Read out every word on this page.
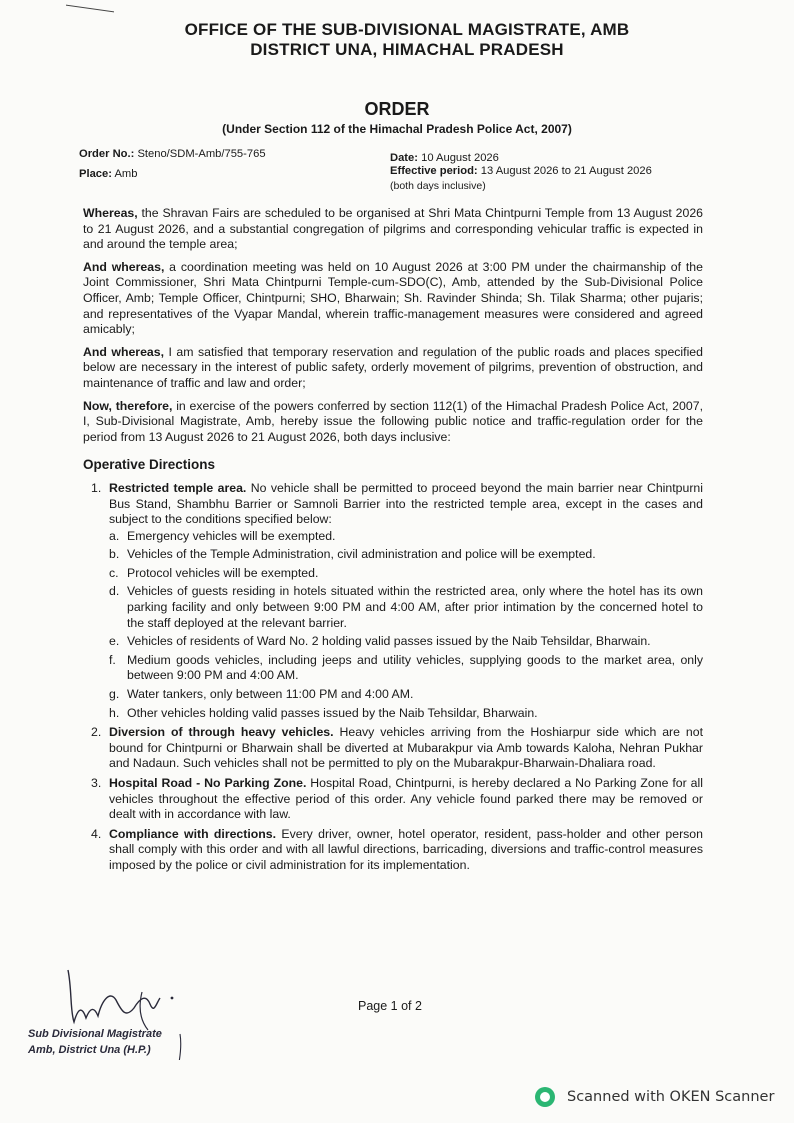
OFFICE OF THE SUB-DIVISIONAL MAGISTRATE, AMB
DISTRICT UNA, HIMACHAL PRADESH
ORDER
(Under Section 112 of the Himachal Pradesh Police Act, 2007)
Order No.: Steno/SDM-Amb/755-765
Place: Amb
Date: 10 August 2026
Effective period: 13 August 2026 to 21 August 2026
(both days inclusive)

Whereas, the Shravan Fairs are scheduled to be organised at Shri Mata Chintpurni Temple from 13 August 2026 to 21 August 2026, and a substantial congregation of pilgrims and corresponding vehicular traffic is expected in and around the temple area;

And whereas, a coordination meeting was held on 10 August 2026 at 3:00 PM under the chairmanship of the Joint Commissioner, Shri Mata Chintpurni Temple-cum-SDO(C), Amb, attended by the Sub-Divisional Police Officer, Amb; Temple Officer, Chintpurni; SHO, Bharwain; Sh. Ravinder Shinda; Sh. Tilak Sharma; other pujaris; and representatives of the Vyapar Mandal, wherein traffic-management measures were considered and agreed amicably;

And whereas, I am satisfied that temporary reservation and regulation of the public roads and places specified below are necessary in the interest of public safety, orderly movement of pilgrims, prevention of obstruction, and maintenance of traffic and law and order;

Now, therefore, in exercise of the powers conferred by section 112(1) of the Himachal Pradesh Police Act, 2007, I, Sub-Divisional Magistrate, Amb, hereby issue the following public notice and traffic-regulation order for the period from 13 August 2026 to 21 August 2026, both days inclusive:

Operative Directions
1. Restricted temple area. No vehicle shall be permitted to proceed beyond the main barrier near Chintpurni Bus Stand, Shambhu Barrier or Samnoli Barrier into the restricted temple area, except in the cases and subject to the conditions specified below:
a. Emergency vehicles will be exempted.
b. Vehicles of the Temple Administration, civil administration and police will be exempted.
c. Protocol vehicles will be exempted.
d. Vehicles of guests residing in hotels situated within the restricted area, only where the hotel has its own parking facility and only between 9:00 PM and 4:00 AM, after prior intimation by the concerned hotel to the staff deployed at the relevant barrier.
e. Vehicles of residents of Ward No. 2 holding valid passes issued by the Naib Tehsildar, Bharwain.
f. Medium goods vehicles, including jeeps and utility vehicles, supplying goods to the market area, only between 9:00 PM and 4:00 AM.
g. Water tankers, only between 11:00 PM and 4:00 AM.
h. Other vehicles holding valid passes issued by the Naib Tehsildar, Bharwain.
2. Diversion of through heavy vehicles. Heavy vehicles arriving from the Hoshiarpur side which are not bound for Chintpurni or Bharwain shall be diverted at Mubarakpur via Amb towards Kaloha, Nehran Pukhar and Nadaun. Such vehicles shall not be permitted to ply on the Mubarakpur-Bharwain-Dhaliara road.
3. Hospital Road - No Parking Zone. Hospital Road, Chintpurni, is hereby declared a No Parking Zone for all vehicles throughout the effective period of this order. Any vehicle found parked there may be removed or dealt with in accordance with law.
4. Compliance with directions. Every driver, owner, hotel operator, resident, pass-holder and other person shall comply with this order and with all lawful directions, barricading, diversions and traffic-control measures imposed by the police or civil administration for its implementation.
Sub Divisional Magistrate
Amb, District Una (H.P.)
Page 1 of 2
Scanned with OKEN Scanner
